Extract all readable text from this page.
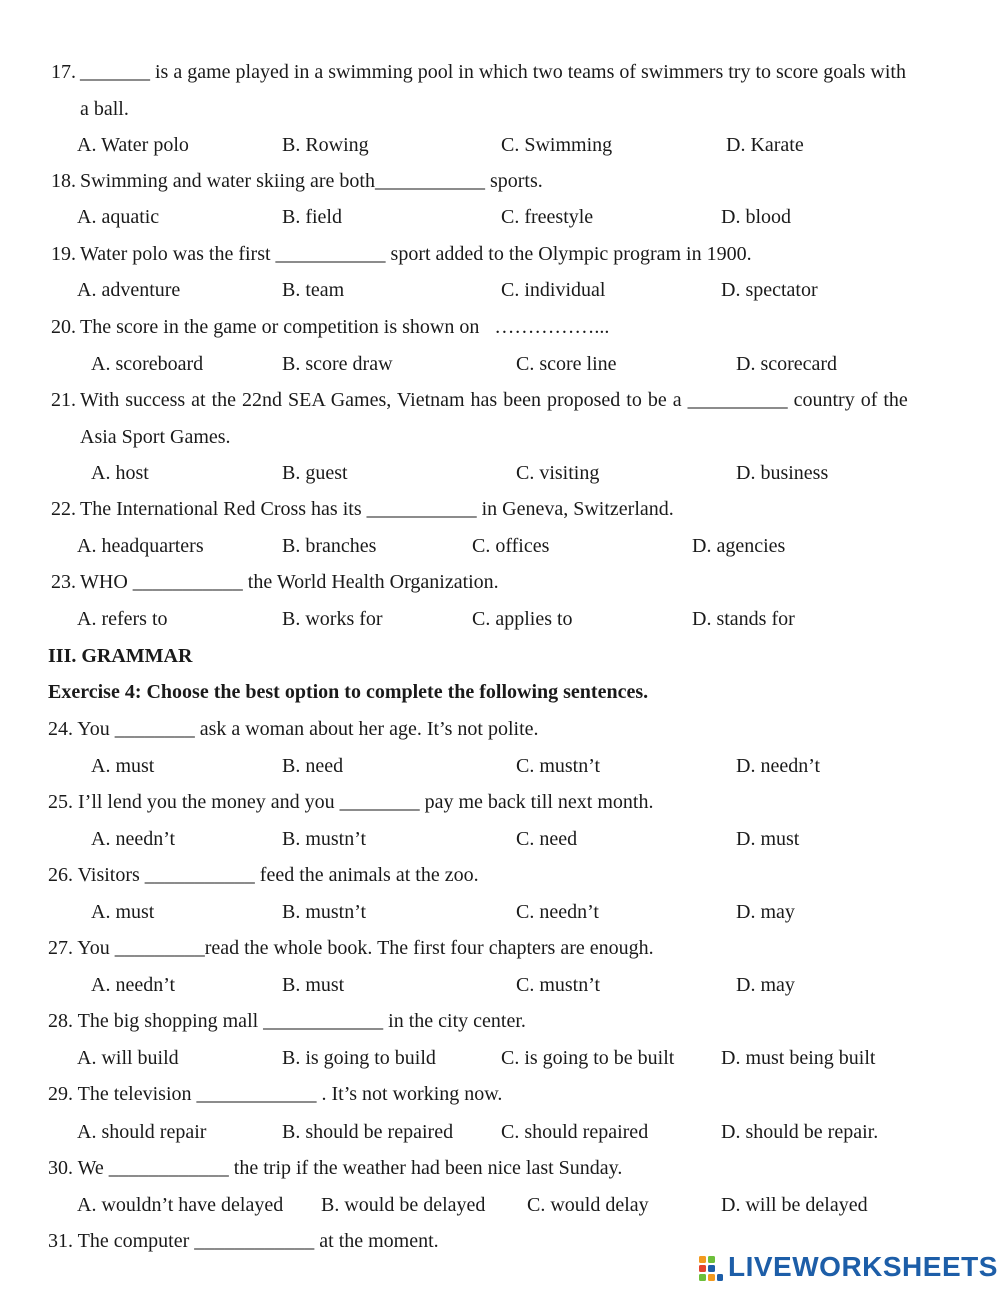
17.

_______ is a game played in a swimming pool in which two teams of swimmers try to score goals with

a ball.

A. Water polo

	B. Rowing

	C. Swimming

	D. Karate

18.

Swimming and water skiing are both___________ sports.

A. aquatic

	B. field

	C. freestyle

	D. blood

19.

Water polo was the first ___________ sport added to the Olympic program in 1900.

A. adventure

	B. team

	C. individual

	D. spectator

20.

The score in the game or competition is shown on   ……………...

A. scoreboard

	B. score draw

	C. score line

	D. scorecard

21.

With success at the 22nd SEA Games, Vietnam has been proposed to be a __________ country of the

Asia Sport Games.

A. host

	B. guest

	C. visiting

	D. business

22.

The International Red Cross has its ___________ in Geneva, Switzerland.

A. headquarters

	B. branches

	C. offices

	D. agencies

23.

WHO ___________ the World Health Organization.

A. refers to

	B. works for

	C. applies to

	D. stands for

III. GRAMMAR

Exercise 4: Choose the best option to complete the following sentences.

24. You ________ ask a woman about her age. It’s not polite.

A. must

	B. need

	C. mustn’t

	D. needn’t

25. I’ll lend you the money and you ________ pay me back till next month.

A. needn’t

	B. mustn’t

	C. need

	D. must

26. Visitors ___________ feed the animals at the zoo.

A. must

	B. mustn’t

	C. needn’t

	D. may

27. You _________read the whole book. The first four chapters are enough.

A. needn’t

	B. must

	C. mustn’t

	D. may

28. The big shopping mall ____________ in the city center.

A. will build

	B. is going to build

	C. is going to be built

D. must being built

29. The television ____________ . It’s not working now.

A. should repair

	B. should be repaired

C. should repaired

	D. should be repair.

30. We ____________ the trip if the weather had been nice last Sunday.

A. wouldn’t have delayed

B. would be delayed

C. would delay

	D. will be delayed

31. The computer ____________ at the moment.

LIVEWORKSHEETS
